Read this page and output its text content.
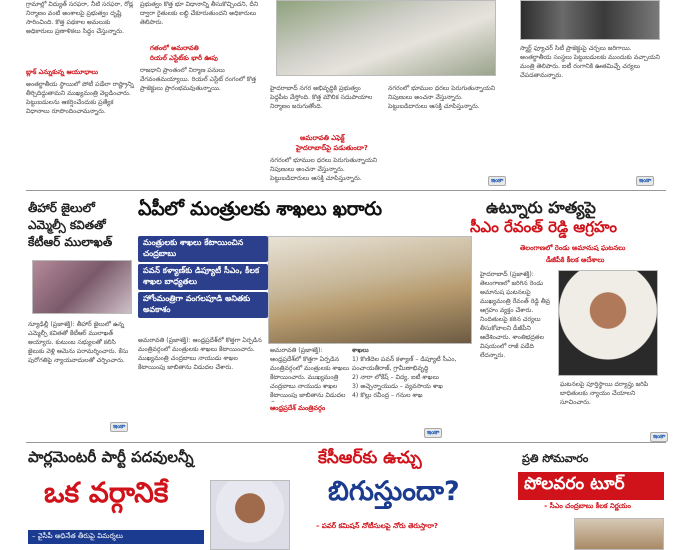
గ్రామాల్లో విద్యుత్ సరఫరా, నీటి సరఫరా, రోడ్ల నిర్మాణం వంటి అంశాలపై ప్రభుత్వం దృష్టి సారించింది. కొత్త పథకాల అమలుకు అధికారులు ప్రణాళికలు సిద్ధం చేస్తున్నారు.
బ్లాక్ ఎన్నుకున్న ఆయూధాలు
అంతర్జాతీయ స్థాయిలో పోటీ పడేలా రాష్ట్రాన్ని తీర్చిదిద్దుతామని ముఖ్యమంత్రి వెల్లడించారు. పెట్టుబడులను ఆకర్షించేందుకు ప్రత్యేక విధానాలు రూపొందించామన్నారు.
ప్రభుత్వం కొత్త భూ విధానాన్ని తీసుకొచ్చిందని, దీని ద్వారా రైతులకు లబ్ధి చేకూరుతుందని అధికారులు తెలిపారు.
గతంలో అమరావతి
రియల్ ఎస్టేట్‌కు భారీ ఊపు
రాజధాని ప్రాంతంలో నిర్మాణ పనులు వేగవంతమయ్యాయి. రియల్ ఎస్టేట్ రంగంలో కొత్త ప్రాజెక్టులు ప్రారంభమవుతున్నాయి.	హైదరాబాద్ నగర అభివృద్ధికి ప్రభుత్వం పెద్దపీట వేస్తోంది. కొత్త మౌలిక సదుపాయాల నిర్మాణం జరుగుతోంది.
అమరావతి ఎఫెక్ట్
హైదరాబాద్‌పై పడుతుందా?
నగరంలో భూముల ధరలు పెరుగుతున్నాయని నిపుణులు అంచనా వేస్తున్నారు. పెట్టుబడిదారులు ఆసక్తి చూపిస్తున్నారు.
నగరంలో భూముల ధరలు పెరుగుతున్నాయని నిపుణులు అంచనా వేస్తున్నారు. పెట్టుబడిదారులు ఆసక్తి చూపిస్తున్నారు.
స్మార్ట్ ఫ్యూచర్ సిటీ ప్రాజెక్టుపై చర్చలు జరిగాయి. అంతర్జాతీయ సంస్థలు పెట్టుబడులకు ముందుకు వచ్చాయని మంత్రి తెలిపారు. ఐటీ రంగానికి ఊతమిచ్చే చర్యలు చేపడతామన్నారు.
ఇంకా	ఇంకా
తీహార్ జైలులో
ఎమ్మెల్సీ కవితతో
కేటీఆర్ ములాఖత్
న్యూఢిల్లీ (ప్రజాశక్తి): తీహార్ జైలులో ఉన్న ఎమ్మెల్సీ కవితతో కేటీఆర్ ములాఖత్ అయ్యారు. కుటుంబ సభ్యులతో కలిసి జైలుకు వెళ్లి ఆమెను పరామర్శించారు. కేసు పురోగతిపై న్యాయవాదులతో చర్చించారు.
ఇంకా
ఏపీలో మంత్రులకు శాఖలు ఖరారు
మంత్రులకు శాఖలు కేటాయించిన చంద్రబాబు
పవన్ కళ్యాణ్‌కు డిప్యూటీ సీఎం, కీలక శాఖల బాధ్యతలు
హోంమంత్రిగా వంగలపూడి అనితకు అవకాశం
అమరావతి (ప్రజాశక్తి): ఆంధ్రప్రదేశ్‌లో కొత్తగా ఏర్పడిన మంత్రివర్గంలో మంత్రులకు శాఖలు కేటాయించారు. ముఖ్యమంత్రి చంద్రబాబు నాయుడు శాఖల కేటాయింపు జాబితాను విడుదల చేశారు.
ఆంధ్రప్రదేశ్ మంత్రివర్గం
అమరావతి (ప్రజాశక్తి): ఆంధ్రప్రదేశ్‌లో కొత్తగా ఏర్పడిన మంత్రివర్గంలో మంత్రులకు శాఖలు కేటాయించారు. ముఖ్యమంత్రి చంద్రబాబు నాయుడు శాఖల కేటాయింపు జాబితాను విడుదల
శాఖలు
1) కొణిదెల పవన్ కళ్యాణ్ – డిప్యూటీ సీఎం, పంచాయతీరాజ్, గ్రామీణాభివృద్ధి
2) నారా లోకేష్ – విద్య, ఐటీ శాఖలు
3) అచ్చెన్నాయుడు – వ్యవసాయ శాఖ
4) కొల్లు రవీంద్ర – గనుల శాఖ
ఇంకా
ఉట్నూరు హత్యపై
సీఎం రేవంత్ రెడ్డి ఆగ్రహం
తెలంగాణలో రెండు అమానుష ఘటనలు
డీజీపీకి కీలక ఆదేశాలు
హైదరాబాద్ (ప్రజాశక్తి): తెలంగాణలో జరిగిన రెండు అమానుష ఘటనలపై ముఖ్యమంత్రి రేవంత్ రెడ్డి తీవ్ర ఆగ్రహం వ్యక్తం చేశారు. నిందితులపై కఠిన చర్యలు తీసుకోవాలని డీజీపీని ఆదేశించారు. శాంతిభద్రతల విషయంలో రాజీ పడేది లేదన్నారు.
ఘటనలపై పూర్తిస్థాయి దర్యాప్తు జరిపి బాధితులకు న్యాయం చేయాలని సూచించారు.
ఇంకా
పార్లమెంటరీ పార్టీ పదవులన్నీ
ఒక వర్గానికే
– వైసీపీ అధినేత తీరుపై విమర్శలు
కేసీఆర్‌కు ఉచ్చు
బిగుస్తుందా?
– పవర్ కమిషన్ నోటీసులపై నోరు తెరుస్తారా?
ప్రతి సోమవారం
పోలవరం టూర్
– సీఎం చంద్రబాబు కీలక నిర్ణయం
